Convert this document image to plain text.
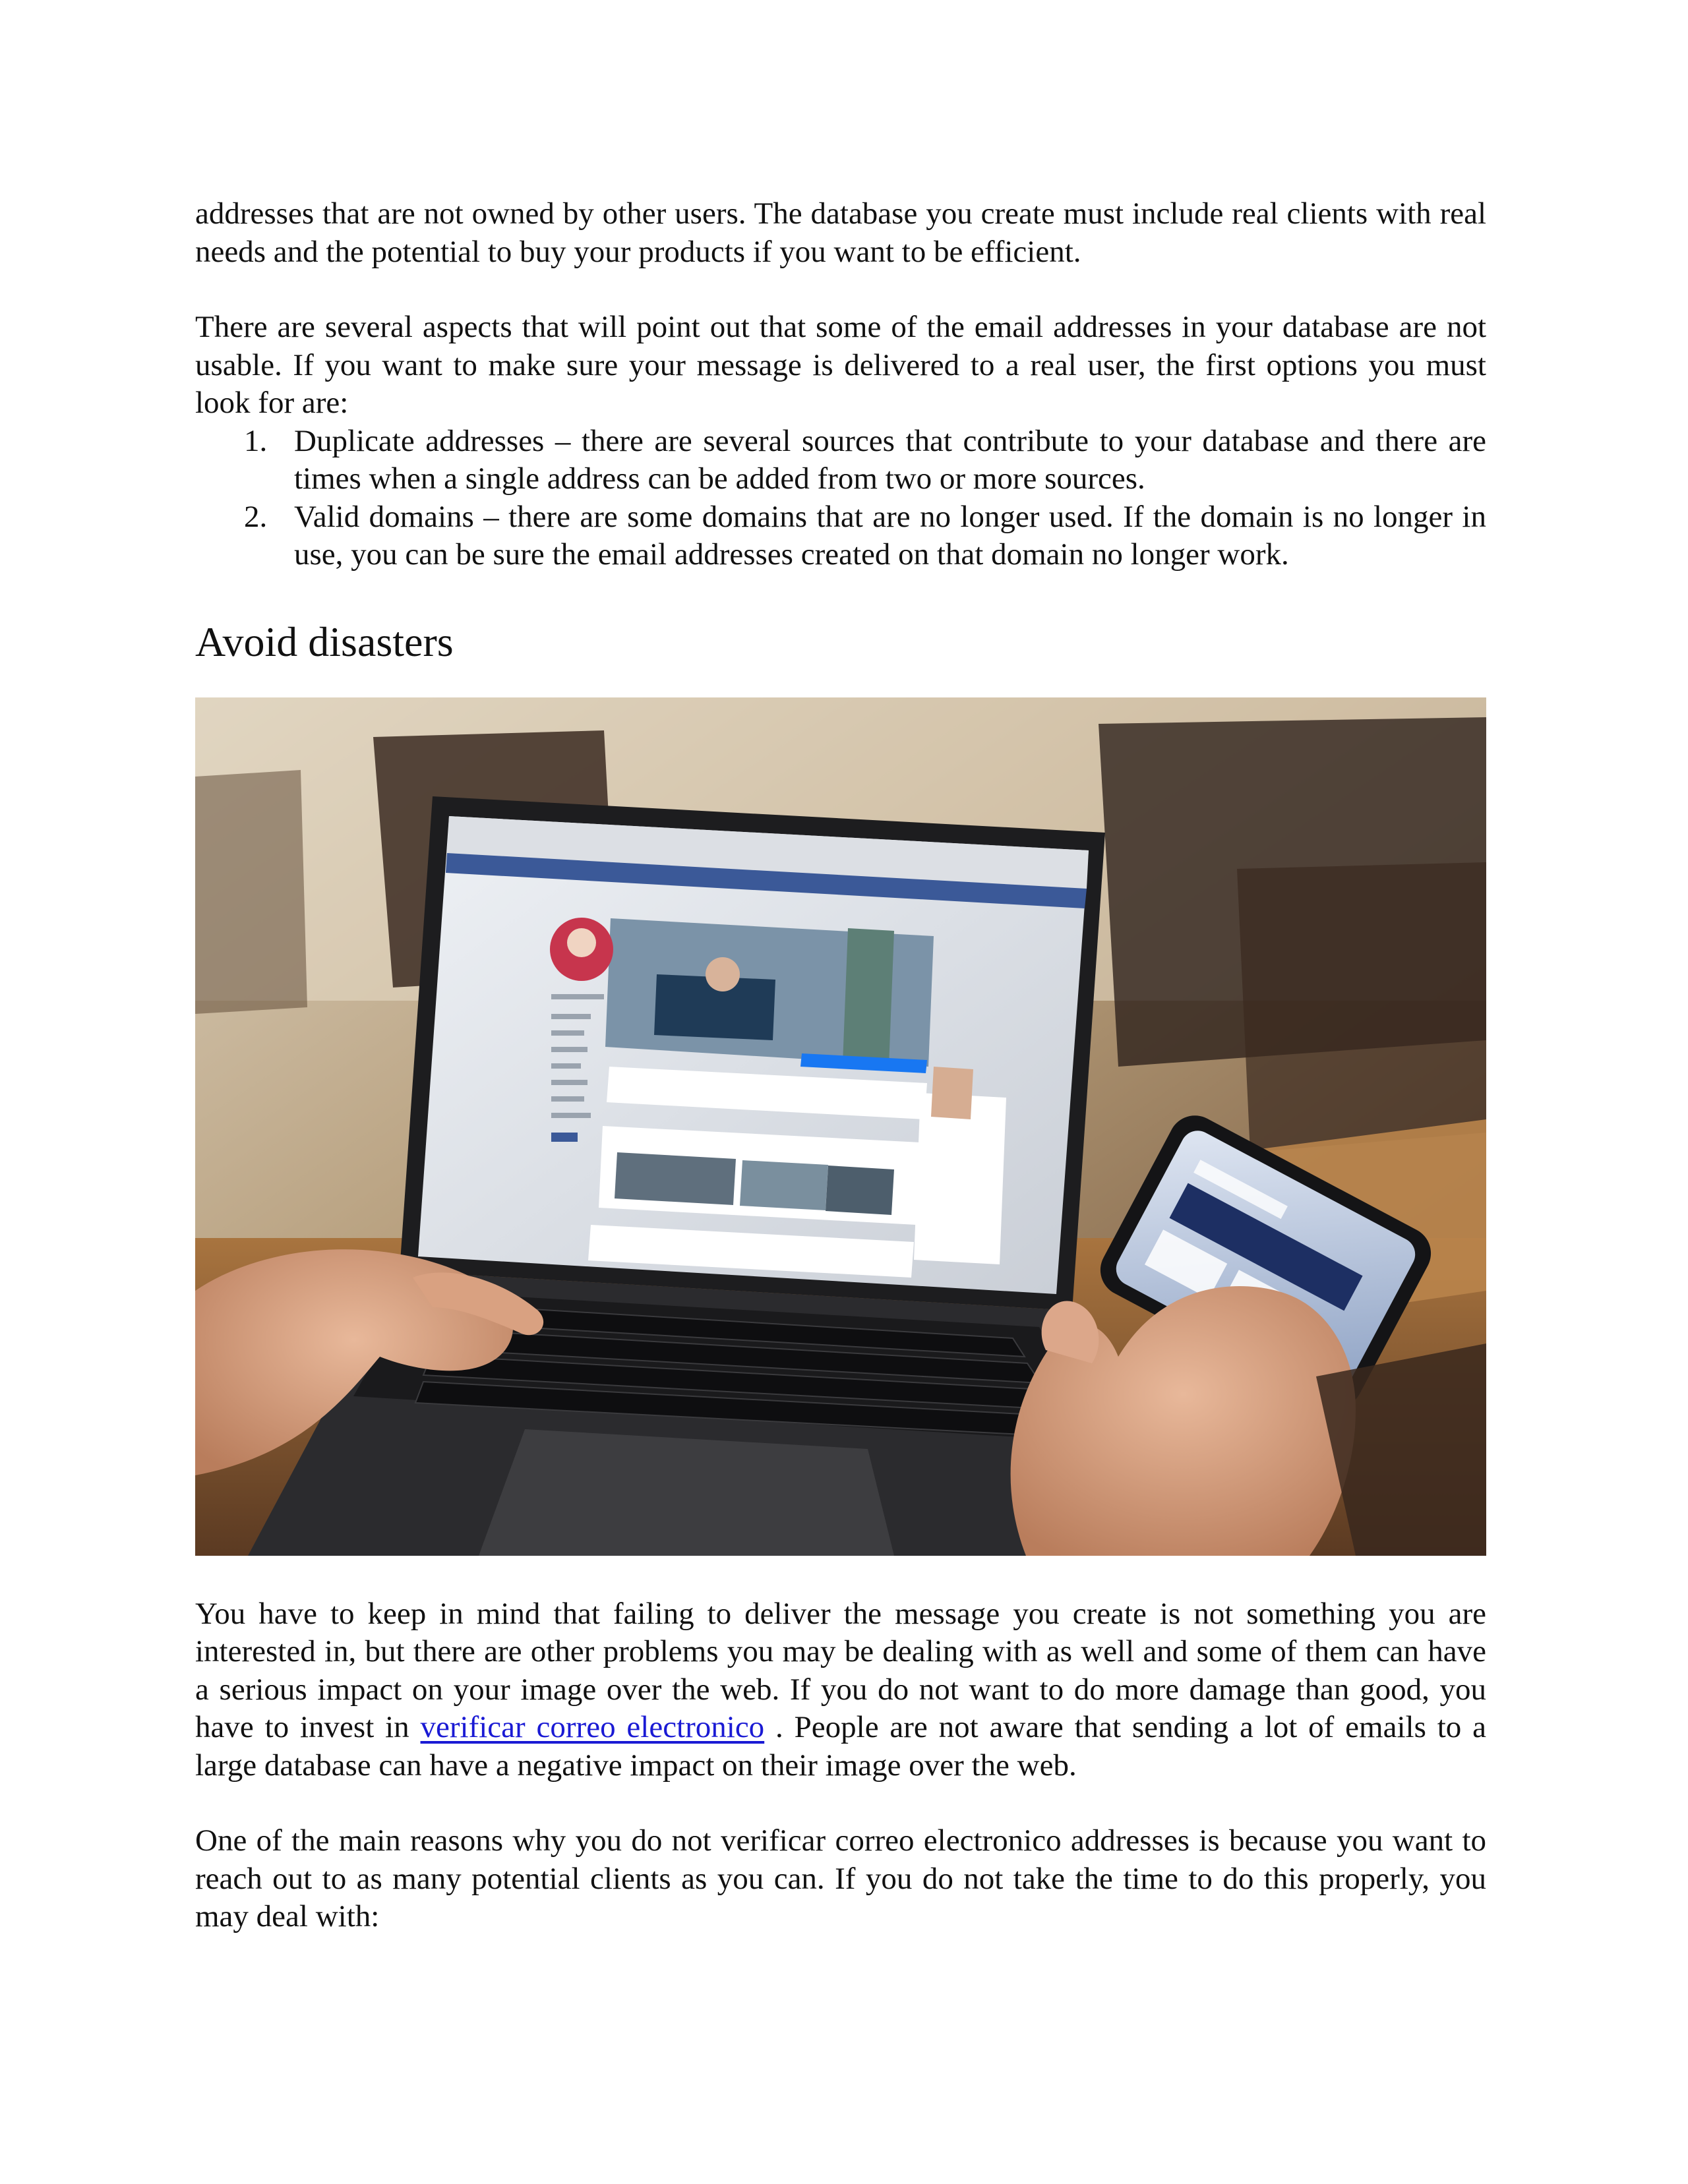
addresses that are not owned by other users. The database you create must include real clients with real needs and the potential to buy your products if you want to be efficient.

There are several aspects that will point out that some of the email addresses in your database are not usable. If you want to make sure your message is delivered to a real user, the first options you must look for are:

1. Duplicate addresses – there are several sources that contribute to your database and there are times when a single address can be added from two or more sources.
2. Valid domains – there are some domains that are no longer used. If the domain is no longer in use, you can be sure the email addresses created on that domain no longer work.
Avoid disasters

You have to keep in mind that failing to deliver the message you create is not something you are interested in, but there are other problems you may be dealing with as well and some of them can have a serious impact on your image over the web. If you do not want to do more damage than good, you have to invest in verificar correo electronico . People are not aware that sending a lot of emails to a large database can have a negative impact on their image over the web.

One of the main reasons why you do not verificar correo electronico addresses is because you want to reach out to as many potential clients as you can. If you do not take the time to do this properly, you may deal with:
